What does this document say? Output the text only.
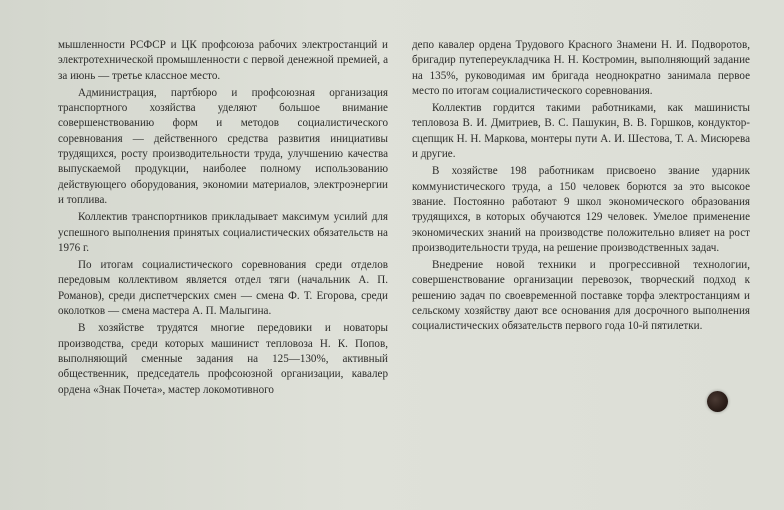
мышленности РСФСР и ЦК профсоюза рабочих электростанций и электротехнической промышленности с первой денежной премией, а за июнь — третье классное место.

Администрация, партбюро и профсоюзная организация транспортного хозяйства уделяют большое внимание совершенствованию форм и методов социалистического соревнования — действенного средства развития инициативы трудящихся, росту производительности труда, улучшению качества выпускаемой продукции, наиболее полному использованию действующего оборудования, экономии материалов, электроэнергии и топлива.

Коллектив транспортников прикладывает максимум усилий для успешного выполнения принятых социалистических обязательств на 1976 г.

По итогам социалистического соревнования среди отделов передовым коллективом является отдел тяги (начальник А. П. Романов), среди диспетчерских смен — смена Ф. Т. Егорова, среди околотков — смена мастера А. П. Малыгина.

В хозяйстве трудятся многие передовики и новаторы производства, среди которых машинист тепловоза Н. К. Попов, выполняющий сменные задания на 125—130%, активный общественник, председатель профсоюзной организации, кавалер ордена «Знак Почета», мастер локомотивного

депо кавалер ордена Трудового Красного Знамени Н. И. Подворотов, бригадир путепереукладчика Н. Н. Костромин, выполняющий задание на 135%, руководимая им бригада неоднократно занимала первое место по итогам социалистического соревнования.

Коллектив гордится такими работниками, как машинисты тепловоза В. И. Дмитриев, В. С. Пашукин, В. В. Горшков, кондуктор-сцепщик Н. Н. Маркова, монтеры пути А. И. Шестова, Т. А. Мисюрева и другие.

В хозяйстве 198 работникам присвоено звание ударник коммунистического труда, а 150 человек борются за это высокое звание. Постоянно работают 9 школ экономического образования трудящихся, в которых обучаются 129 человек. Умелое применение экономических знаний на производстве положительно влияет на рост производительности труда, на решение производственных задач.

Внедрение новой техники и прогрессивной технологии, совершенствование организации перевозок, творческий подход к решению задач по своевременной поставке торфа электростанциям и сельскому хозяйству дают все основания для досрочного выполнения социалистических обязательств первого года 10-й пятилетки.
